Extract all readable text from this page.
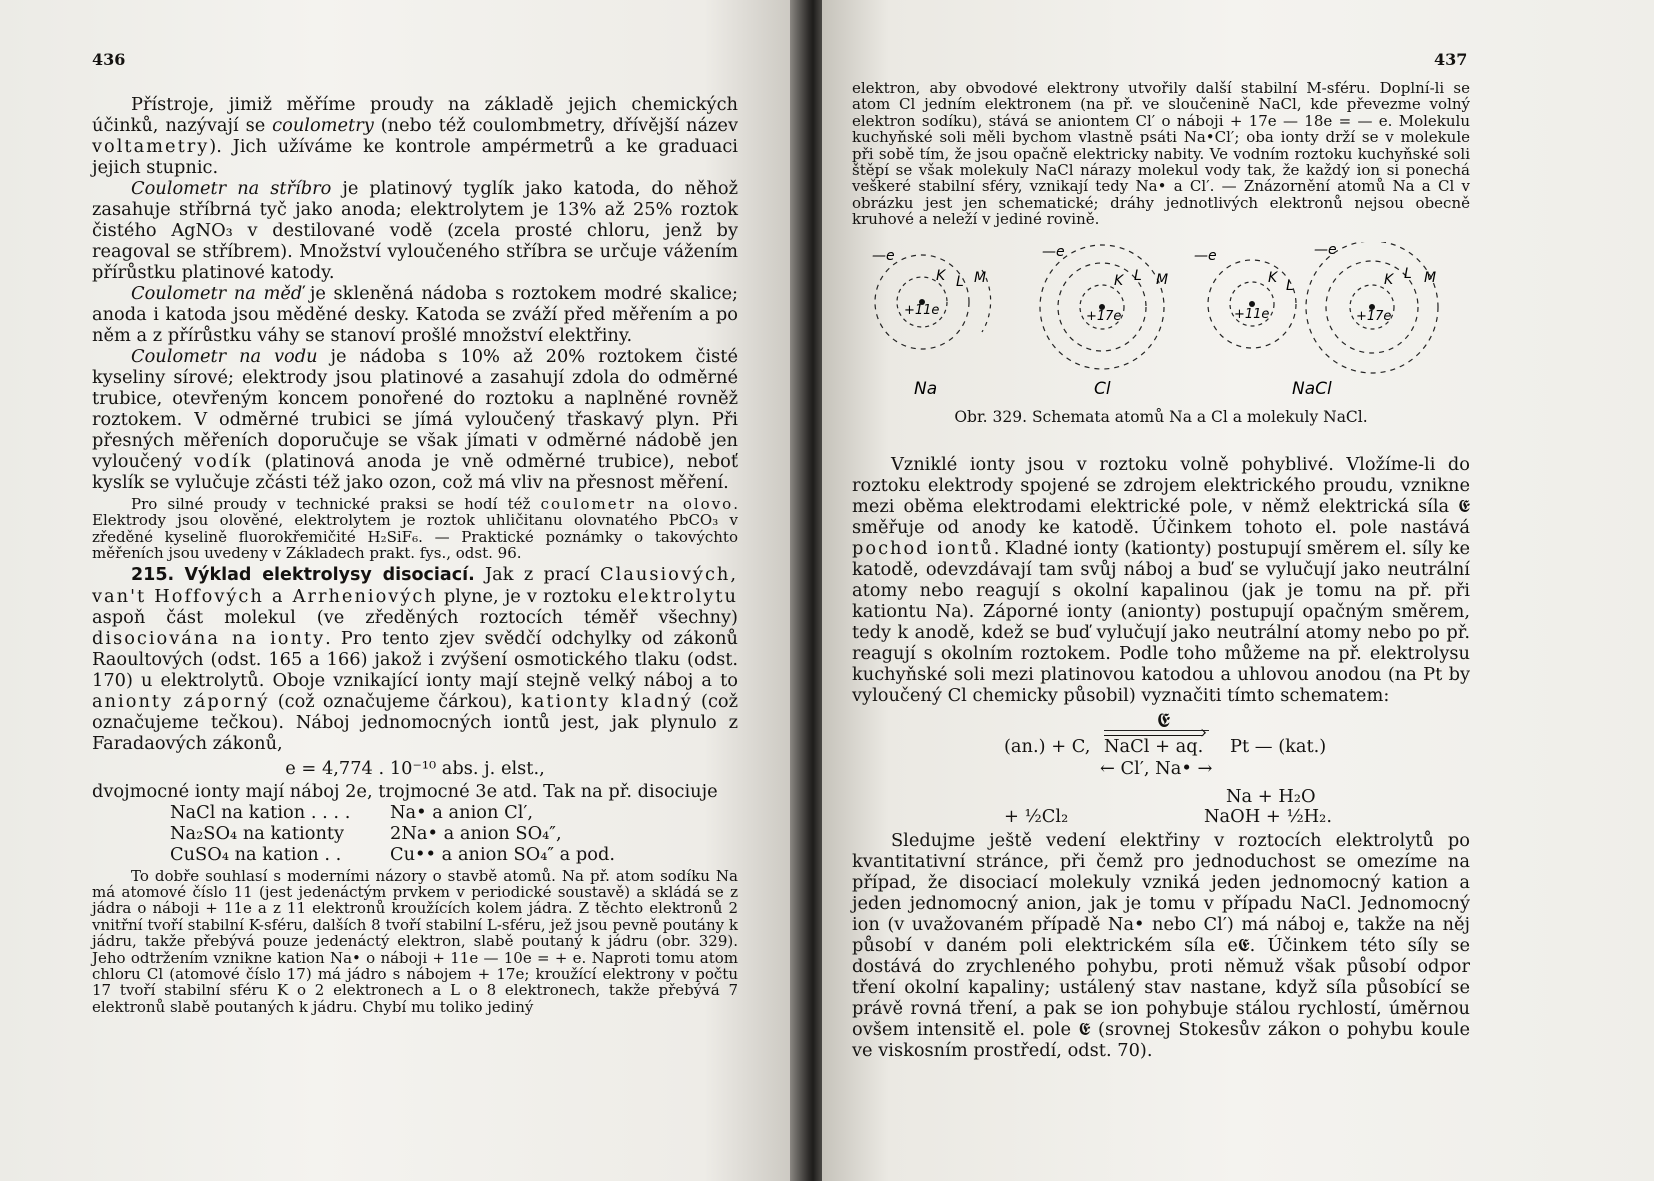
436

Přístroje, jimiž měříme proudy na základě jejich chemických účinků, nazývají se coulometry (nebo též coulombmetry, dřívější název voltametry). Jich užíváme ke kontrole ampérmetrů a ke graduaci jejich stupnic.

Coulometr na stříbro je platinový tyglík jako katoda, do něhož zasahuje stříbrná tyč jako anoda; elektrolytem je 13% až 25% roztok čistého AgNO₃ v destilované vodě (zcela prosté chloru, jenž by reagoval se stříbrem). Množství vyloučeného stříbra se určuje vážením přírůstku platinové katody.

Coulometr na měď je skleněná nádoba s roztokem modré skalice; anoda i katoda jsou měděné desky. Katoda se zváží před měřením a po něm a z přírůstku váhy se stanoví prošlé množství elektřiny.

Coulometr na vodu je nádoba s 10% až 20% roztokem čisté kyseliny sírové; elektrody jsou platinové a zasahují zdola do odměrné trubice, otevřeným koncem ponořené do roztoku a naplněné rovněž roztokem. V odměrné trubici se jímá vyloučený třaskavý plyn. Při přesných měřeních doporučuje se však jímati v odměrné nádobě jen vyloučený vodík (platinová anoda je vně odměrné trubice), neboť kyslík se vylučuje zčásti též jako ozon, což má vliv na přesnost měření.

Pro silné proudy v technické praksi se hodí též coulometr na olovo. Elektrody jsou olověné, elektrolytem je roztok uhličitanu olovnatého PbCO₃ v zředěné kyselině fluorokřemičité H₂SiF₆. — Praktické poznámky o takovýchto měřeních jsou uvedeny v Základech prakt. fys., odst. 96.

215. Výklad elektrolysy disociací. Jak z prací Clausiových, van't Hoffových a Arrheniových plyne, je v roztoku elektrolytu aspoň část molekul (ve zředěných roztocích téměř všechny) disociována na ionty. Pro tento zjev svědčí odchylky od zákonů Raoultových (odst. 165 a 166) jakož i zvýšení osmotického tlaku (odst. 170) u elektrolytů. Oboje vznikající ionty mají stejně velký náboj a to anionty záporný (což označujeme čárkou), kationty kladný (což označujeme tečkou). Náboj jednomocných iontů jest, jak plynulo z Faradaových zákonů,

e = 4,774 . 10⁻¹⁰ abs. j. elst.,

dvojmocné ionty mají náboj 2e, trojmocné 3e atd. Tak na př. disociuje

NaCl na kation . . . .	Na• a anion Cl′,
Na₂SO₄ na kationty	2Na• a anion SO₄″,
CuSO₄ na kation . .	Cu•• a anion SO₄″ a pod.

To dobře souhlasí s moderními názory o stavbě atomů. Na př. atom sodíku Na má atomové číslo 11 (jest jedenáctým prvkem v periodické soustavě) a skládá se z jádra o náboji + 11e a z 11 elektronů kroužících kolem jádra. Z těchto elektronů 2 vnitřní tvoří stabilní K-sféru, dalších 8 tvoří stabilní L-sféru, jež jsou pevně poutány k jádru, takže přebývá pouze jedenáctý elektron, slabě poutaný k jádru (obr. 329). Jeho odtržením vznikne kation Na• o náboji + 11e — 10e = + e. Naproti tomu atom chloru Cl (atomové číslo 17) má jádro s nábojem + 17e; kroužící elektrony v počtu 17 tvoří stabilní sféru K o 2 elektronech a L o 8 elektronech, takže přebývá 7 elektronů slabě poutaných k jádru. Chybí mu toliko jediný

437

elektron, aby obvodové elektrony utvořily další stabilní M-sféru. Doplní-li se atom Cl jedním elektronem (na př. ve sloučenině NaCl, kde převezme volný elektron sodíku), stává se aniontem Cl′ o náboji + 17e — 18e = — e. Molekulu kuchyňské soli měli bychom vlastně psáti Na•Cl′; oba ionty drží se v molekule při sobě tím, že jsou opačně elektricky nabity. Ve vodním roztoku kuchyňské soli štěpí se však molekuly NaCl nárazy molekul vody tak, že každý ion si ponechá veškeré stabilní sféry, vznikají tedy Na• a Cl′. — Znázornění atomů Na a Cl v obrázku jest jen schematické; dráhy jednotlivých elektronů nejsou obecně kruhové a neleží v jediné rovině.

+11e
K L M
—e
+17e
K L M
—e
+11e	+17e
K L	K L M
—e	—e
Na	Cl	NaCl
Obr. 329. Schemata atomů Na a Cl a molekuly NaCl.

Vzniklé ionty jsou v roztoku volně pohyblivé. Vložíme-li do roztoku elektrody spojené se zdrojem elektrického proudu, vznikne mezi oběma elektrodami elektrické pole, v němž elektrická síla 𝕰 směřuje od anody ke katodě. Účinkem tohoto el. pole nastává pochod iontů. Kladné ionty (kationty) postupují směrem el. síly ke katodě, odevzdávají tam svůj náboj a buď se vylučují jako neutrální atomy nebo reagují s okolní kapalinou (jak je tomu na př. při kationtu Na). Záporné ionty (anionty) postupují opačným směrem, tedy k anodě, kdež se buď vylučují jako neutrální atomy nebo po př. reagují s okolním roztokem. Podle toho můžeme na př. elektrolysu kuchyňské soli mezi platinovou katodou a uhlovou anodou (na Pt by vyloučený Cl chemicky působil) vyznačiti tímto schematem:

𝕰
›
(an.) + C, NaCl + aq. Pt — (kat.)
← Cl′, Na• →
Na + H₂O
+ ½Cl₂	NaOH + ½H₂.

Sledujme ještě vedení elektřiny v roztocích elektrolytů po kvantitativní stránce, při čemž pro jednoduchost se omezíme na případ, že disociací molekuly vzniká jeden jednomocný kation a jeden jednomocný anion, jak je tomu v případu NaCl. Jednomocný ion (v uvažovaném případě Na• nebo Cl′) má náboj e, takže na něj působí v daném poli elektrickém síla e𝕰. Účinkem této síly se dostává do zrychleného pohybu, proti němuž však působí odpor tření okolní kapaliny; ustálený stav nastane, když síla působící se právě rovná tření, a pak se ion pohybuje stálou rychlostí, úměrnou ovšem intensitě el. pole 𝕰 (srovnej Stokesův zákon o pohybu koule ve viskosním prostředí, odst. 70).
